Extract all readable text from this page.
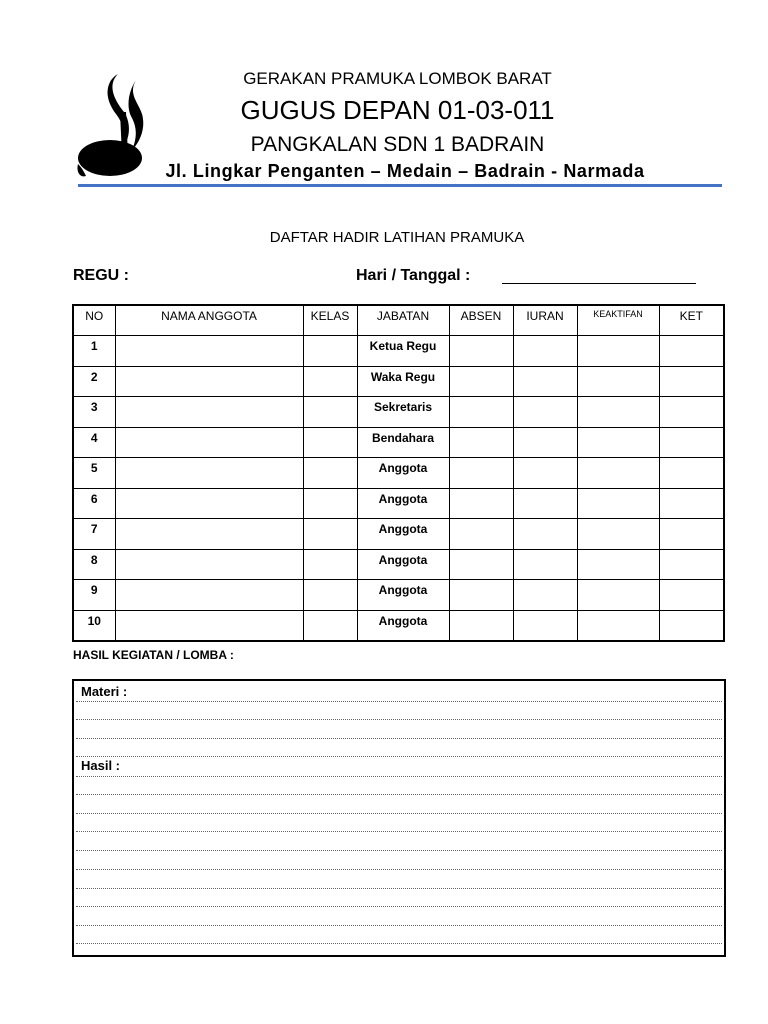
GERAKAN PRAMUKA LOMBOK BARAT
GUGUS DEPAN 01-03-011
PANGKALAN SDN 1 BADRAIN
Jl. Lingkar Penganten – Medain – Badrain - Narmada
DAFTAR HADIR LATIHAN PRAMUKA
REGU :	Hari / Tanggal :
NO	NAMA ANGGOTA	KELAS	JABATAN	ABSEN	IURAN	KEAKTIFAN	KET
1			Ketua Regu				
2			Waka Regu				
3			Sekretaris				
4			Bendahara				
5			Anggota				
6			Anggota				
7			Anggota				
8			Anggota				
9			Anggota				
10			Anggota				
HASIL KEGIATAN / LOMBA :
Materi :
Hasil :
